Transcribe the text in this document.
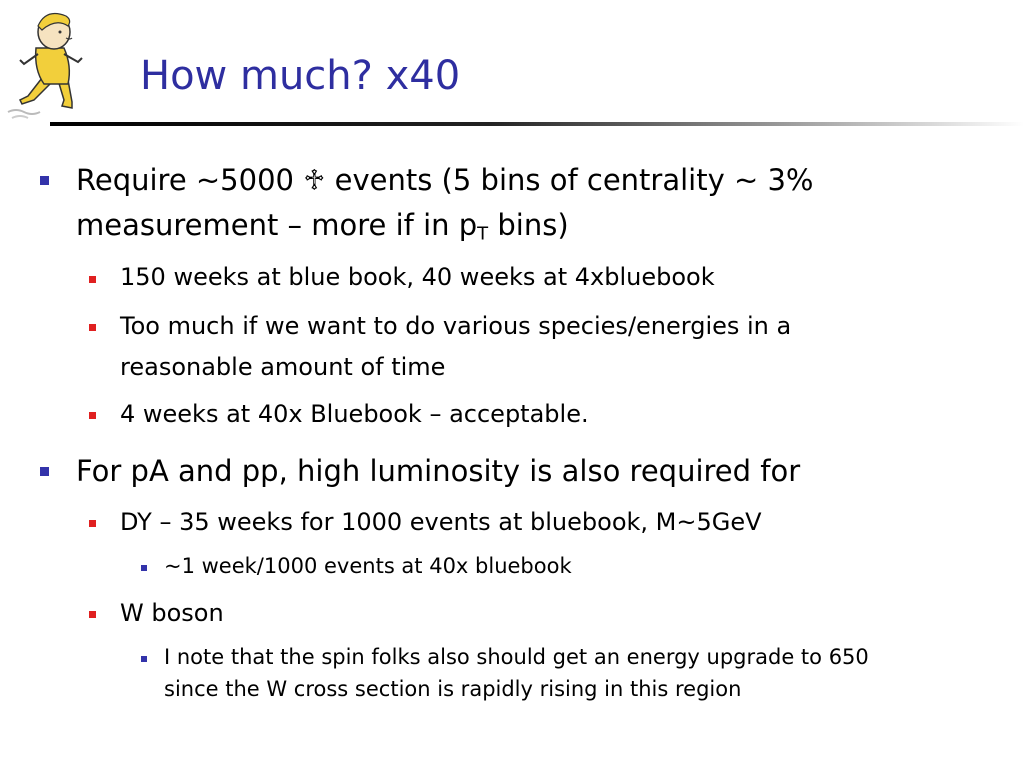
How much? x40
Require ~5000 ♱ events (5 bins of centrality ~ 3%
measurement – more if in $p_T$ bins)
150 weeks at blue book, 40 weeks at 4xbluebook
Too much if we want to do various species/energies in a
reasonable amount of time
4 weeks at 40x Bluebook – acceptable.
For pA and pp, high luminosity is also required for
DY – 35 weeks for 1000 events at bluebook, M~5GeV
~1 week/1000 events at 40x bluebook
W boson
I note that the spin folks also should get an energy upgrade to 650
since the W cross section is rapidly rising in this region
